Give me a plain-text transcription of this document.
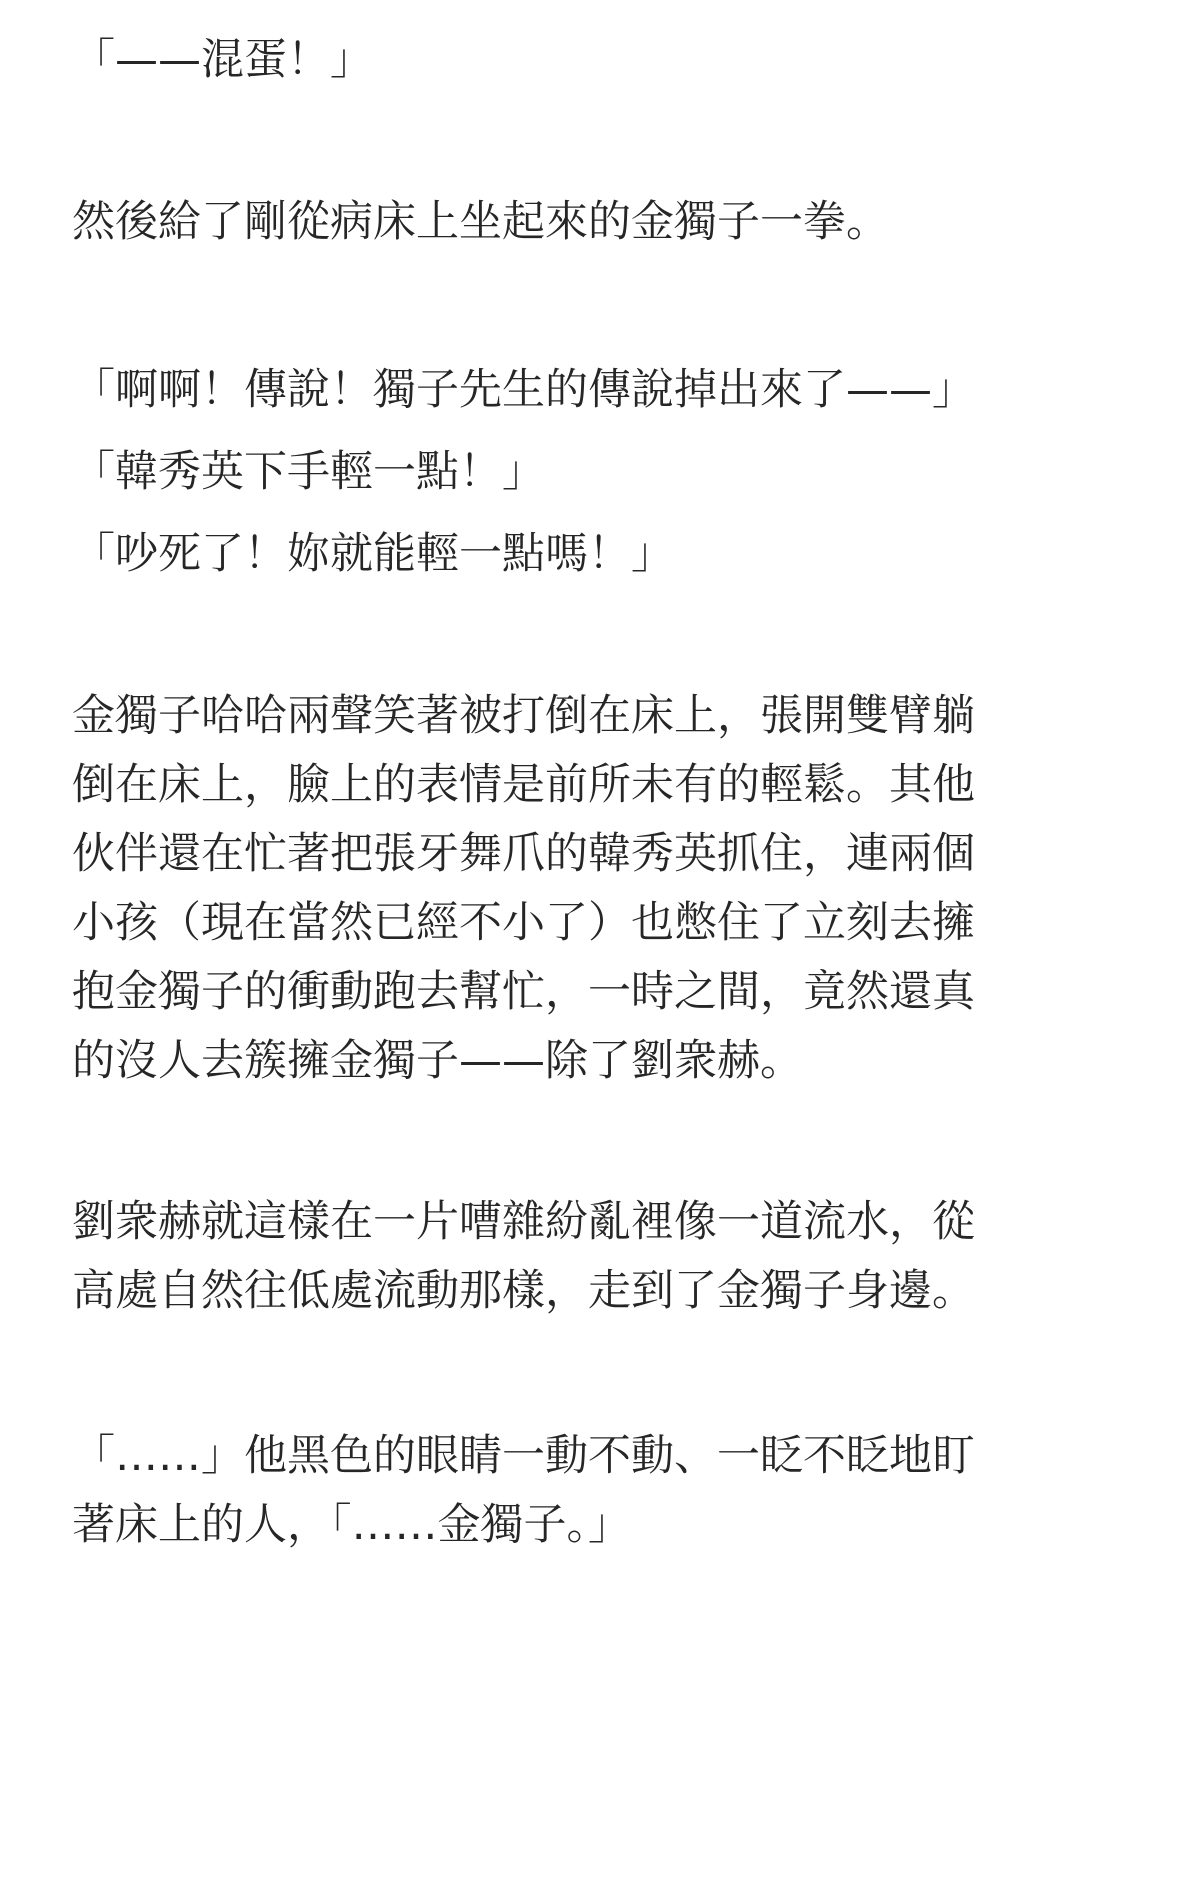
「——混蛋！」
然後給了剛從病床上坐起來的金獨子一拳。
「啊啊！傳說！獨子先生的傳說掉出來了——」
「韓秀英下手輕一點！」
「吵死了！妳就能輕一點嗎！」
金獨子哈哈兩聲笑著被打倒在床上，張開雙臂躺
倒在床上，臉上的表情是前所未有的輕鬆。其他
伙伴還在忙著把張牙舞爪的韓秀英抓住，連兩個
小孩（現在當然已經不小了）也憋住了立刻去擁
抱金獨子的衝動跑去幫忙，一時之間，竟然還真
的沒人去簇擁金獨子——除了劉衆赫。
劉衆赫就這樣在一片嘈雜紛亂裡像一道流水，從
高處自然往低處流動那樣，走到了金獨子身邊。
「……」他黑色的眼睛一動不動、一眨不眨地盯
著床上的人，「……金獨子。」
